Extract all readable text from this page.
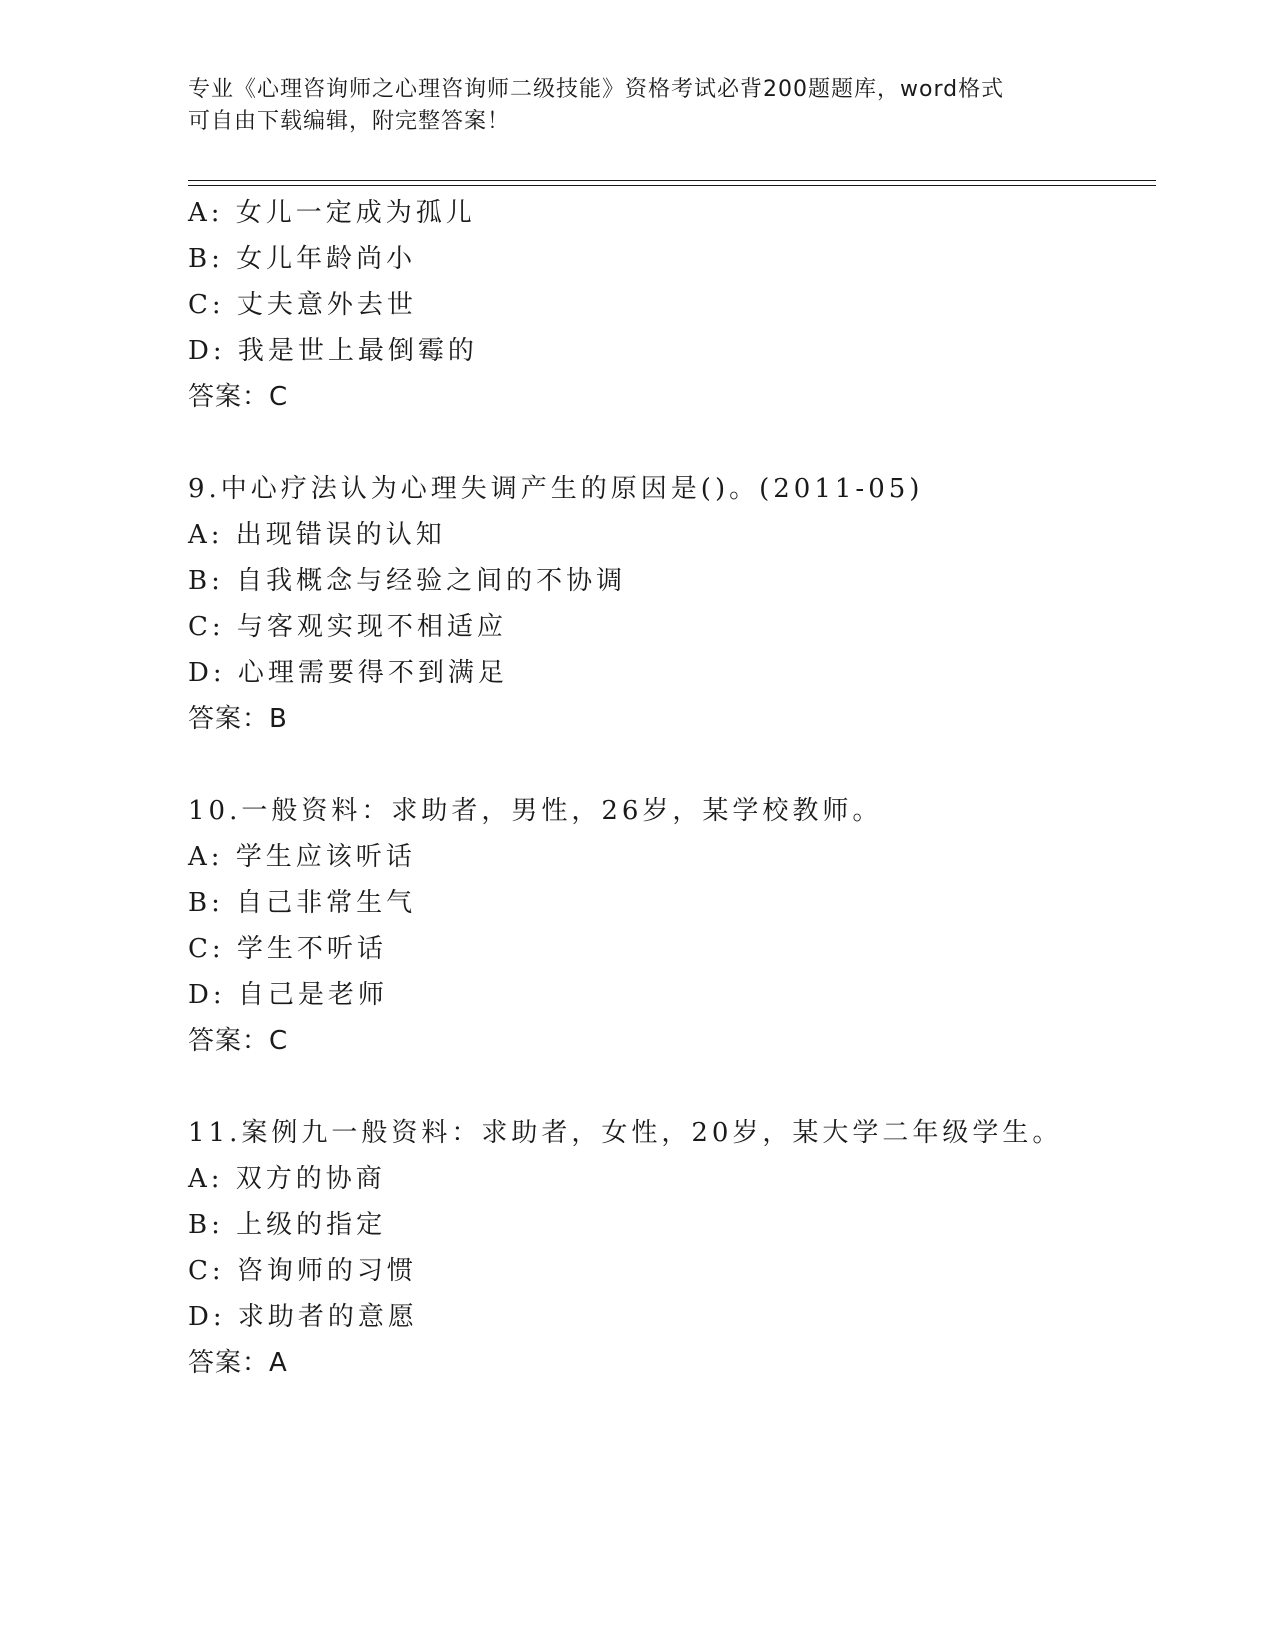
专业《心理咨询师之心理咨询师二级技能》资格考试必背200题题库，word格式
可自由下载编辑，附完整答案！
A: 女儿一定成为孤儿
B: 女儿年龄尚小
C: 丈夫意外去世
D: 我是世上最倒霉的
答案：C
9.中心疗法认为心理失调产生的原因是()。(2011-05)
A: 出现错误的认知
B: 自我概念与经验之间的不协调
C: 与客观实现不相适应
D: 心理需要得不到满足
答案：B
10.一般资料：求助者，男性，26岁，某学校教师。
A: 学生应该听话
B: 自己非常生气
C: 学生不听话
D: 自己是老师
答案：C
11.案例九一般资料：求助者，女性，20岁，某大学二年级学生。
A: 双方的协商
B: 上级的指定
C: 咨询师的习惯
D: 求助者的意愿
答案：A
